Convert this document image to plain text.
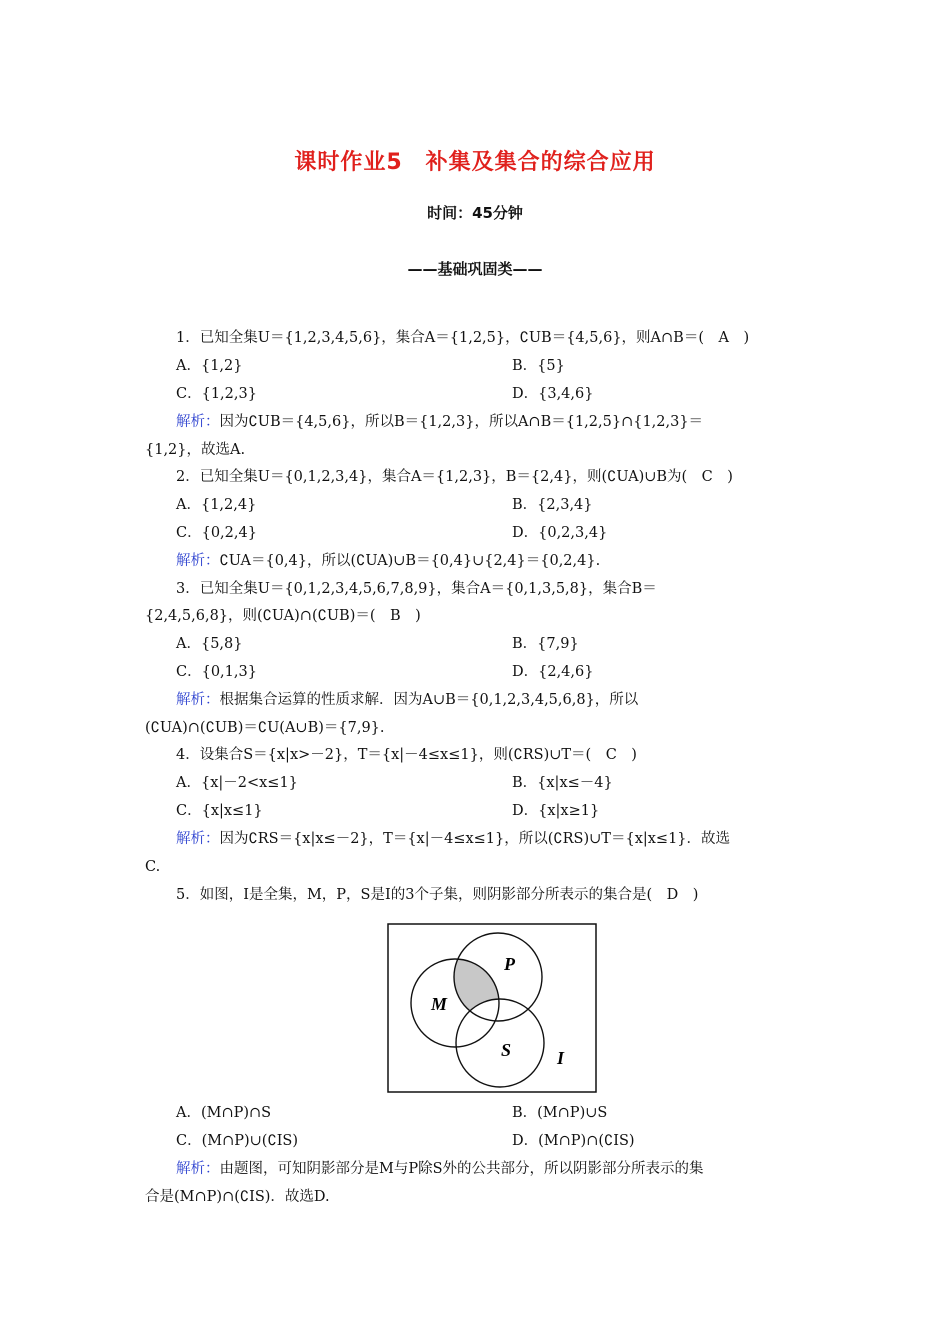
课时作业5　补集及集合的综合应用
时间：45分钟
——基础巩固类——
1．已知全集U＝{1,2,3,4,5,6}，集合A＝{1,2,5}，∁UB＝{4,5,6}，则A∩B＝(　A　)
A．{1,2}	B．{5}
C．{1,2,3}	D．{3,4,6}
解析：因为∁UB＝{4,5,6}，所以B＝{1,2,3}，所以A∩B＝{1,2,5}∩{1,2,3}＝
{1,2}，故选A.
2．已知全集U＝{0,1,2,3,4}，集合A＝{1,2,3}，B＝{2,4}，则(∁UA)∪B为(　C　)
A．{1,2,4}	B．{2,3,4}
C．{0,2,4}	D．{0,2,3,4}
解析：∁UA＝{0,4}，所以(∁UA)∪B＝{0,4}∪{2,4}＝{0,2,4}.
3．已知全集U＝{0,1,2,3,4,5,6,7,8,9}，集合A＝{0,1,3,5,8}，集合B＝
{2,4,5,6,8}，则(∁UA)∩(∁UB)＝(　B　)
A．{5,8}	B．{7,9}
C．{0,1,3}	D．{2,4,6}
解析：根据集合运算的性质求解．因为A∪B＝{0,1,2,3,4,5,6,8}，所以
(∁UA)∩(∁UB)＝∁U(A∪B)＝{7,9}.
4．设集合S＝{x|x>－2}，T＝{x|－4≤x≤1}，则(∁RS)∪T＝(　C　)
A．{x|－2<x≤1}	B．{x|x≤－4}
C．{x|x≤1}	D．{x|x≥1}
解析：因为∁RS＝{x|x≤－2}，T＝{x|－4≤x≤1}，所以(∁RS)∪T＝{x|x≤1}．故选
C.
5．如图，I是全集，M，P，S是I的3个子集，则阴影部分所表示的集合是(　D　)
P
M
S	I
A．(M∩P)∩S	B．(M∩P)∪S
C．(M∩P)∪(∁IS)	D．(M∩P)∩(∁IS)
解析：由题图，可知阴影部分是M与P除S外的公共部分，所以阴影部分所表示的集
合是(M∩P)∩(∁IS)．故选D.
